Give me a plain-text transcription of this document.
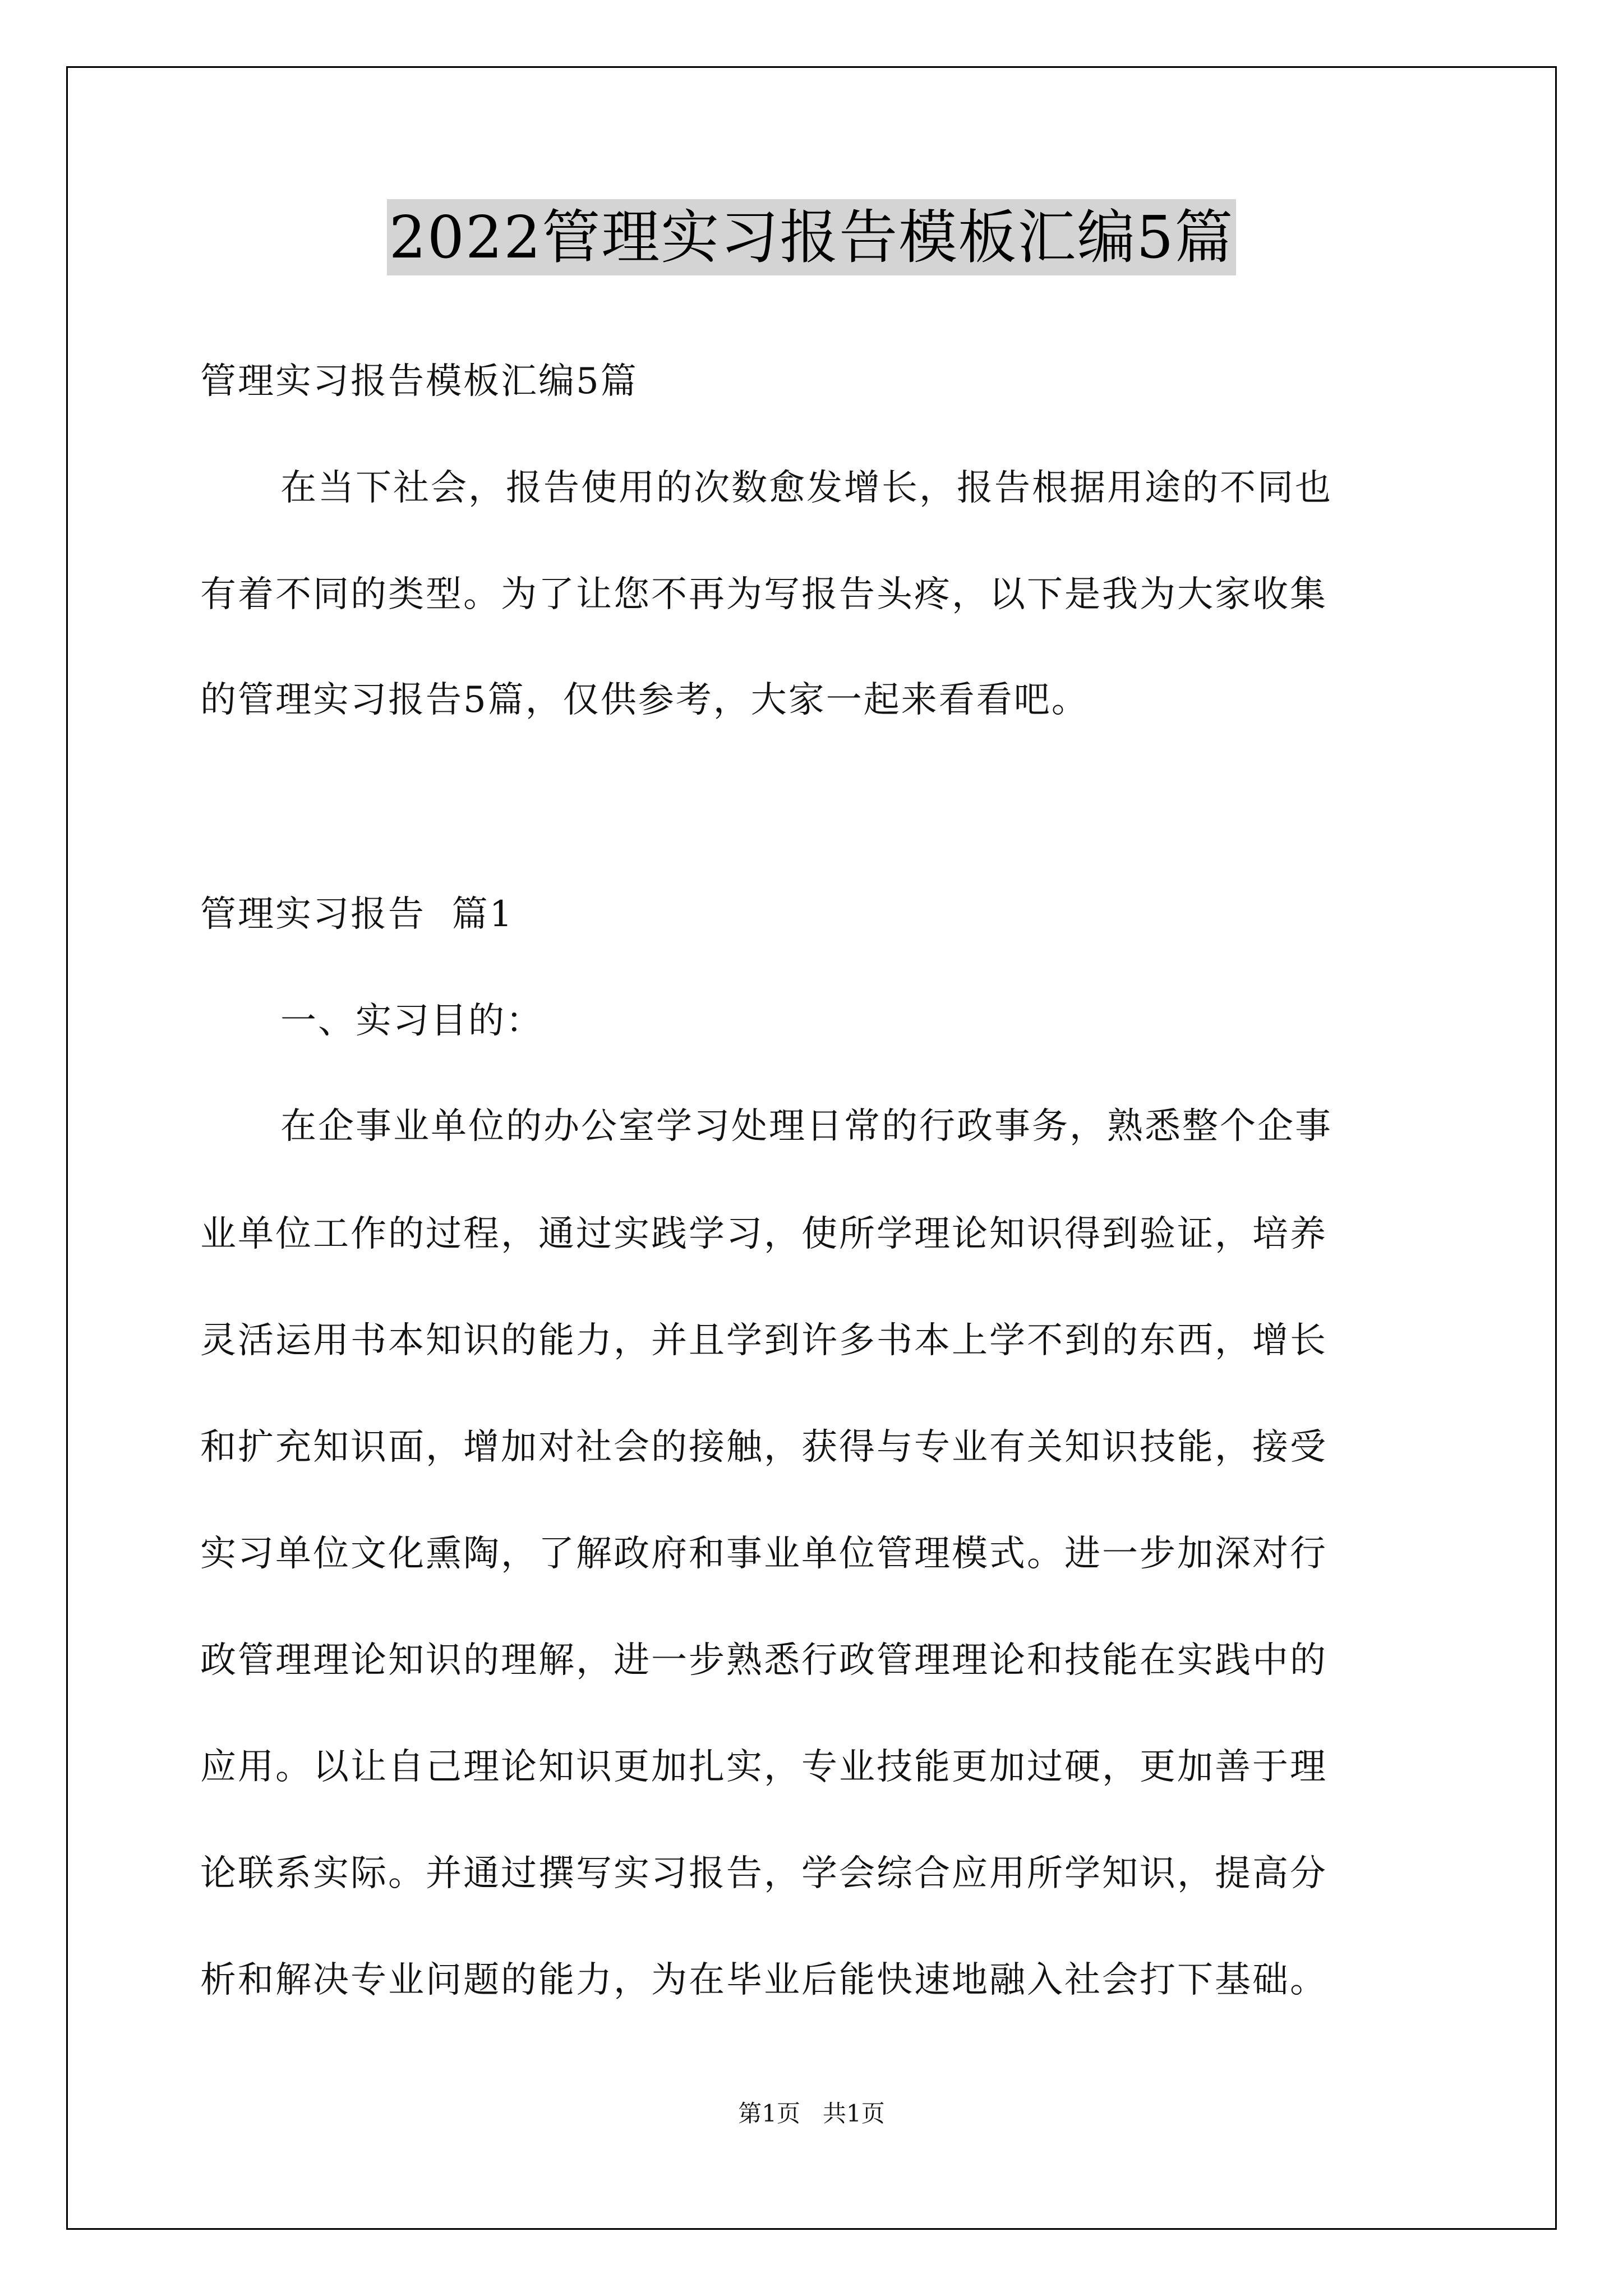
2022管理实习报告模板汇编5篇
管理实习报告模板汇编5篇
在当下社会，报告使用的次数愈发增长，报告根据用途的不同也
有着不同的类型。为了让您不再为写报告头疼，以下是我为大家收集
的管理实习报告5篇，仅供参考，大家一起来看看吧。
管理实习报告  篇1
一、实习目的：
在企事业单位的办公室学习处理日常的行政事务，熟悉整个企事
业单位工作的过程，通过实践学习，使所学理论知识得到验证，培养
灵活运用书本知识的能力，并且学到许多书本上学不到的东西，增长
和扩充知识面，增加对社会的接触，获得与专业有关知识技能，接受
实习单位文化熏陶，了解政府和事业单位管理模式。进一步加深对行
政管理理论知识的理解，进一步熟悉行政管理理论和技能在实践中的
应用。以让自己理论知识更加扎实，专业技能更加过硬，更加善于理
论联系实际。并通过撰写实习报告，学会综合应用所学知识，提高分
析和解决专业问题的能力，为在毕业后能快速地融入社会打下基础。
第1页   共1页
